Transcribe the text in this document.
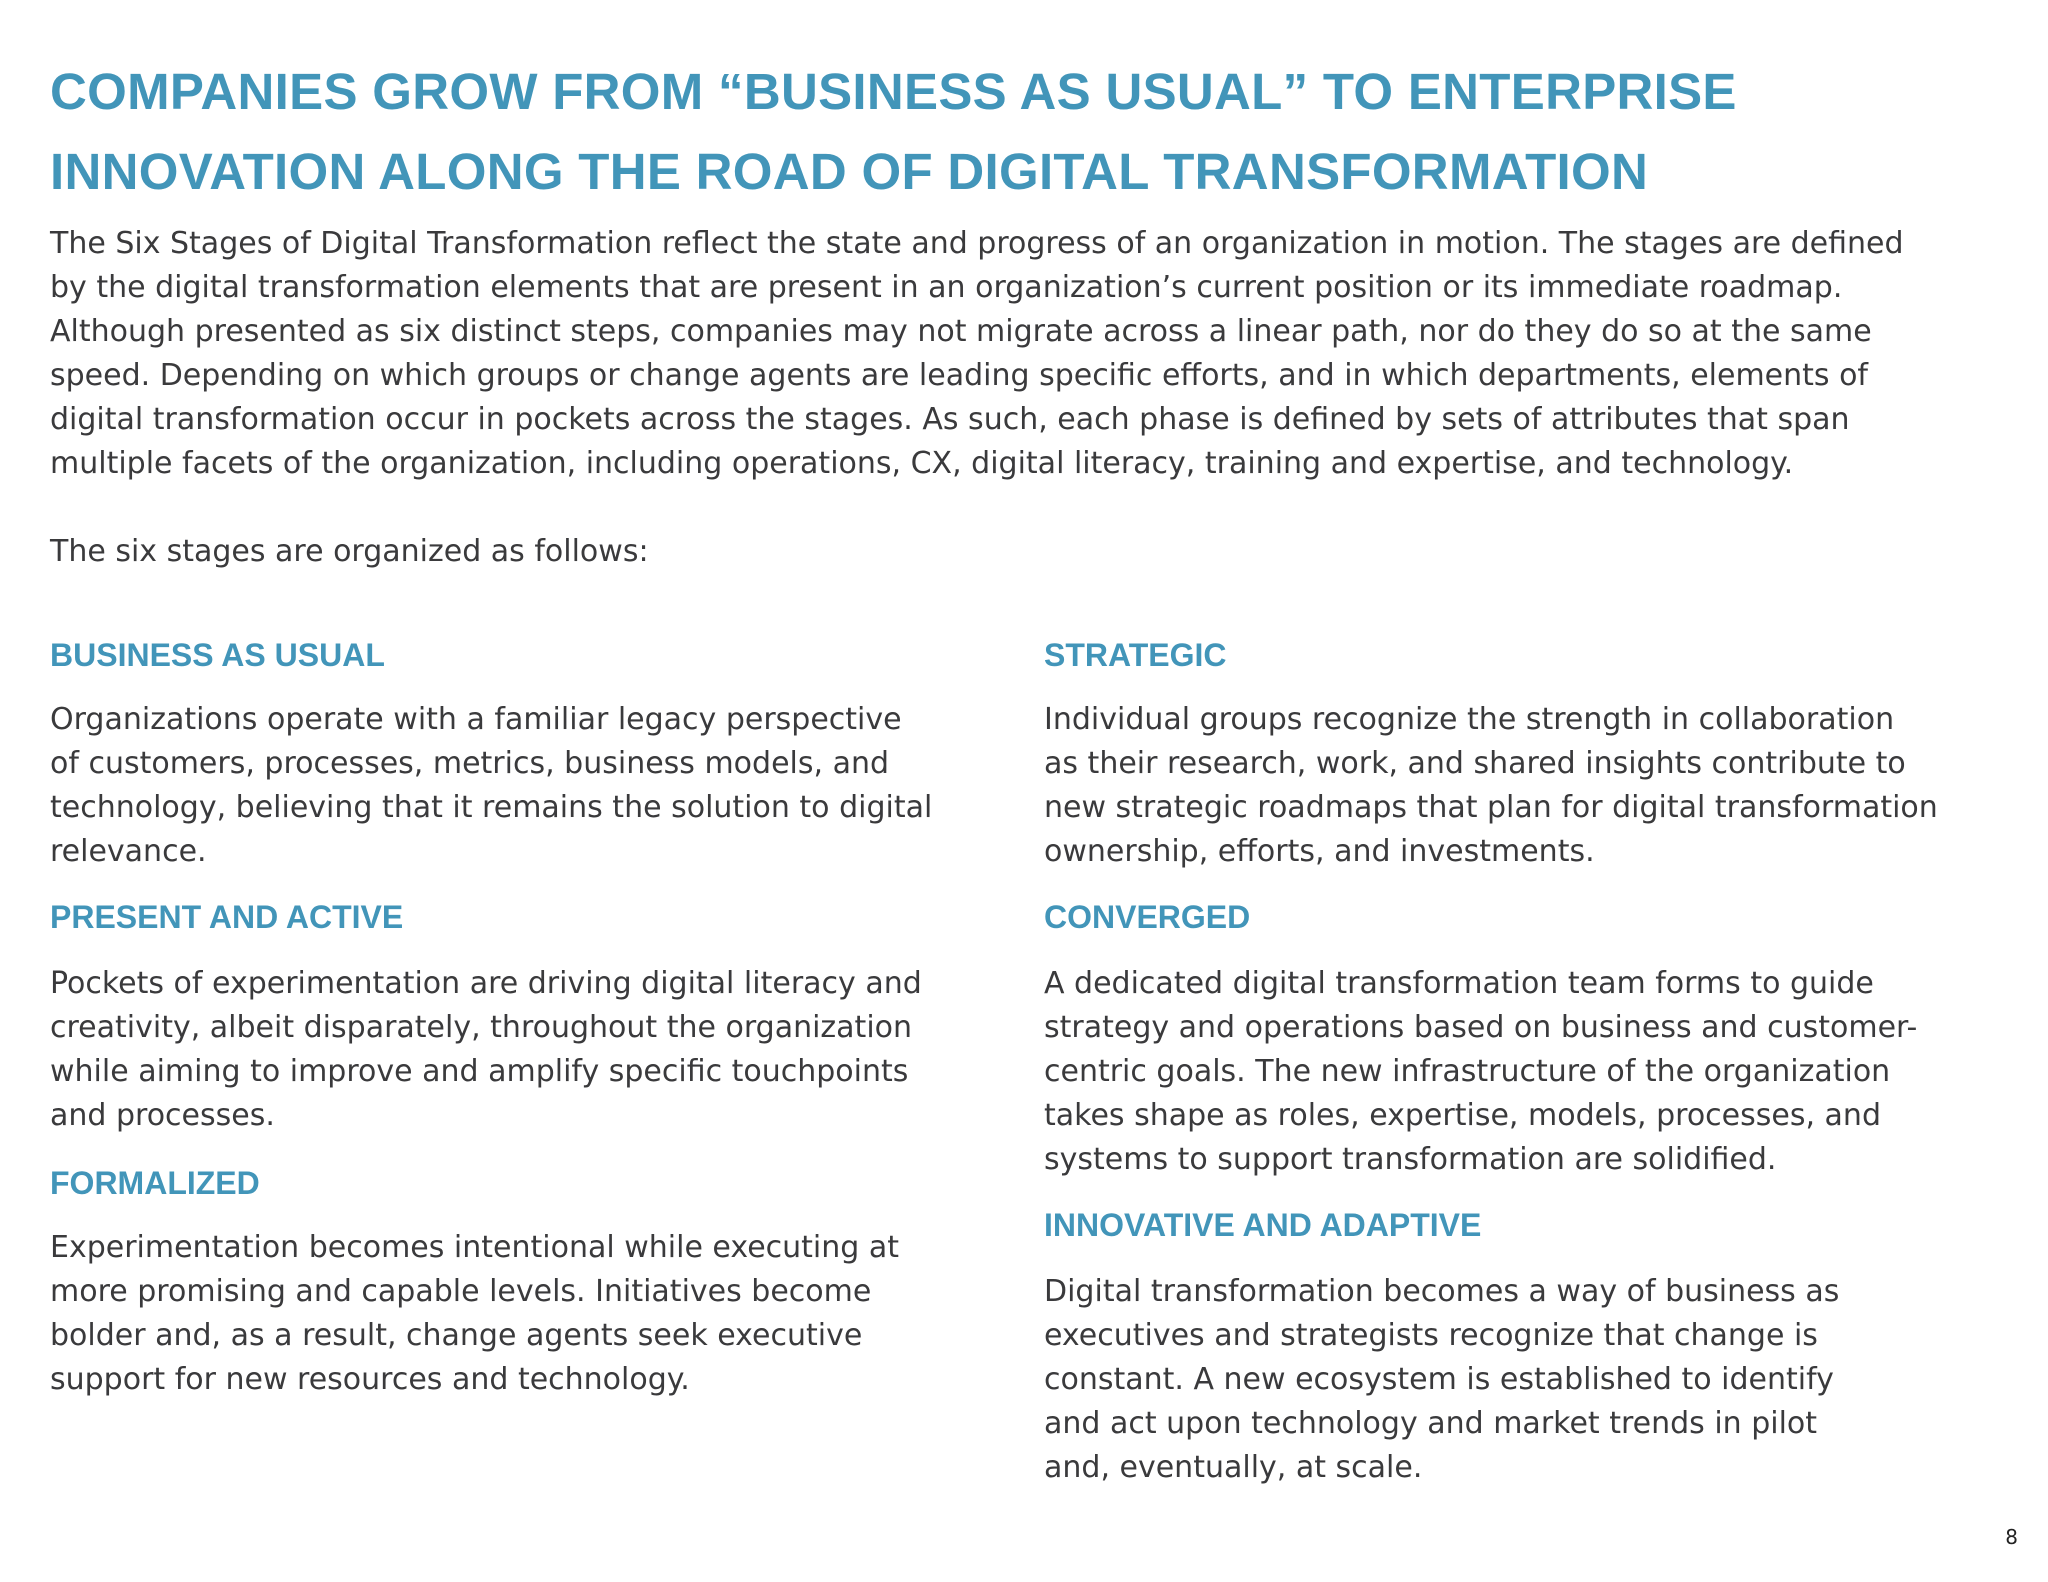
COMPANIES GROW FROM “BUSINESS AS USUAL” TO ENTERPRISE
INNOVATION ALONG THE ROAD OF DIGITAL TRANSFORMATION

The Six Stages of Digital Transformation reflect the state and progress of an organization in motion. The stages are defined
by the digital transformation elements that are present in an organization’s current position or its immediate roadmap.
Although presented as six distinct steps, companies may not migrate across a linear path, nor do they do so at the same
speed. Depending on which groups or change agents are leading specific efforts, and in which departments, elements of
digital transformation occur in pockets across the stages. As such, each phase is defined by sets of attributes that span
multiple facets of the organization, including operations, CX, digital literacy, training and expertise, and technology.

The six stages are organized as follows:

BUSINESS AS USUAL

Organizations operate with a familiar legacy perspective
of customers, processes, metrics, business models, and
technology, believing that it remains the solution to digital
relevance.

PRESENT AND ACTIVE

Pockets of experimentation are driving digital literacy and
creativity, albeit disparately, throughout the organization
while aiming to improve and amplify specific touchpoints
and processes.

FORMALIZED

Experimentation becomes intentional while executing at
more promising and capable levels. Initiatives become
bolder and, as a result, change agents seek executive
support for new resources and technology.

STRATEGIC

Individual groups recognize the strength in collaboration
as their research, work, and shared insights contribute to
new strategic roadmaps that plan for digital transformation
ownership, efforts, and investments.

CONVERGED

A dedicated digital transformation team forms to guide
strategy and operations based on business and customer-
centric goals. The new infrastructure of the organization
takes shape as roles, expertise, models, processes, and
systems to support transformation are solidified.

INNOVATIVE AND ADAPTIVE

Digital transformation becomes a way of business as
executives and strategists recognize that change is
constant. A new ecosystem is established to identify
and act upon technology and market trends in pilot
and, eventually, at scale.

8
